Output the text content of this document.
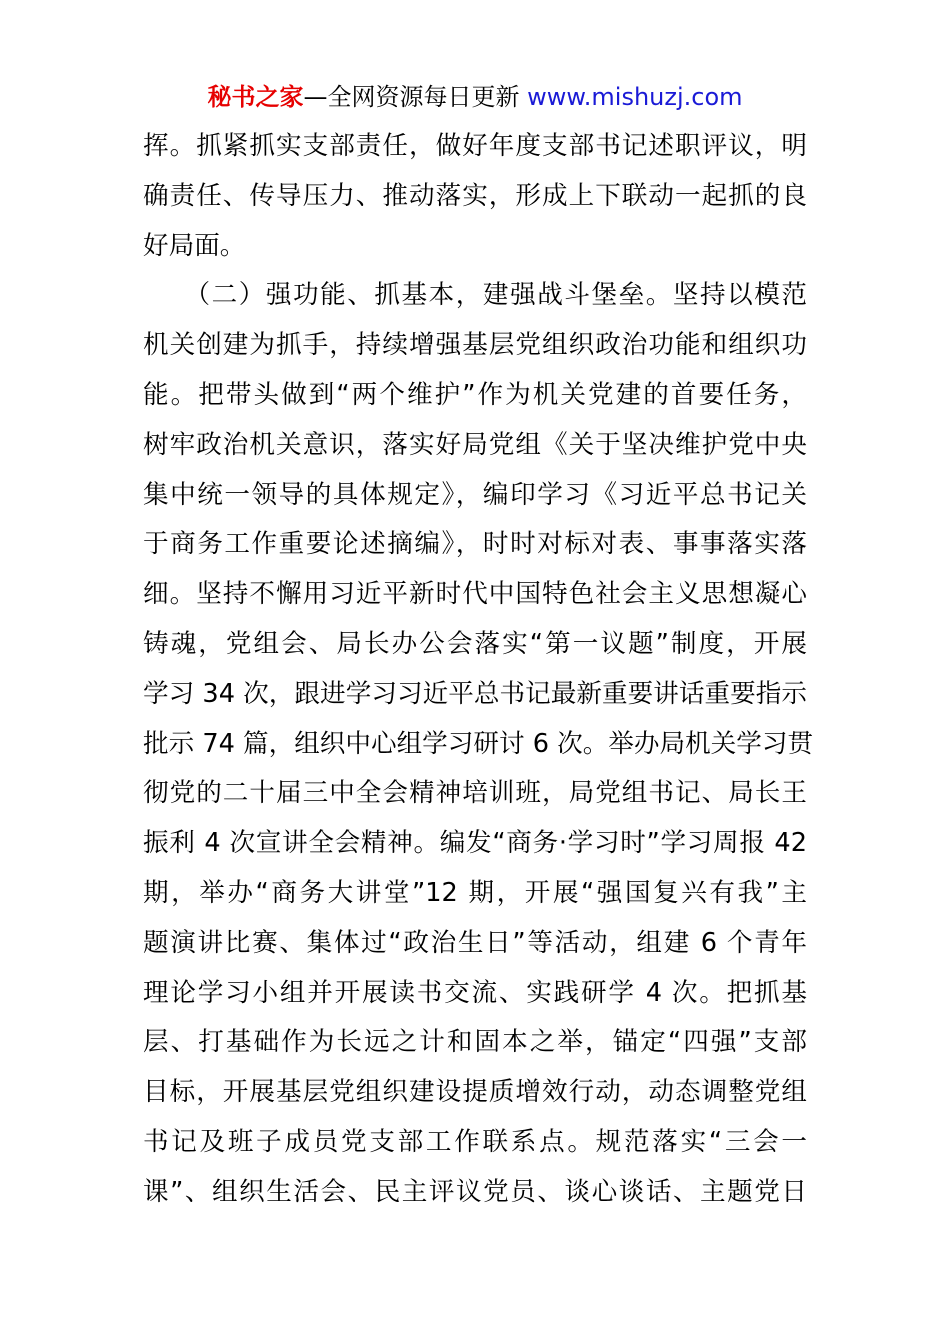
秘书之家—全网资源每日更新 www.mishuzj.com
挥。抓紧抓实支部责任，做好年度支部书记述职评议，明
确责任、传导压力、推动落实，形成上下联动一起抓的良
好局面。
　　（二）强功能、抓基本，建强战斗堡垒。坚持以模范
机关创建为抓手，持续增强基层党组织政治功能和组织功
能。把带头做到“两个维护”作为机关党建的首要任务，
树牢政治机关意识，落实好局党组《关于坚决维护党中央
集中统一领导的具体规定》，编印学习《习近平总书记关
于商务工作重要论述摘编》，时时对标对表、事事落实落
细。坚持不懈用习近平新时代中国特色社会主义思想凝心
铸魂，党组会、局长办公会落实“第一议题”制度，开展
学习 34 次，跟进学习习近平总书记最新重要讲话重要指示
批示 74 篇，组织中心组学习研讨 6 次。举办局机关学习贯
彻党的二十届三中全会精神培训班，局党组书记、局长王
振利 4 次宣讲全会精神。编发“商务·学习时”学习周报 42
期，举办“商务大讲堂”12 期，开展“强国复兴有我”主
题演讲比赛、集体过“政治生日”等活动，组建 6 个青年
理论学习小组并开展读书交流、实践研学 4 次。把抓基
层、打基础作为长远之计和固本之举，锚定“四强”支部
目标，开展基层党组织建设提质增效行动，动态调整党组
书记及班子成员党支部工作联系点。规范落实“三会一
课”、组织生活会、民主评议党员、谈心谈话、主题党日
